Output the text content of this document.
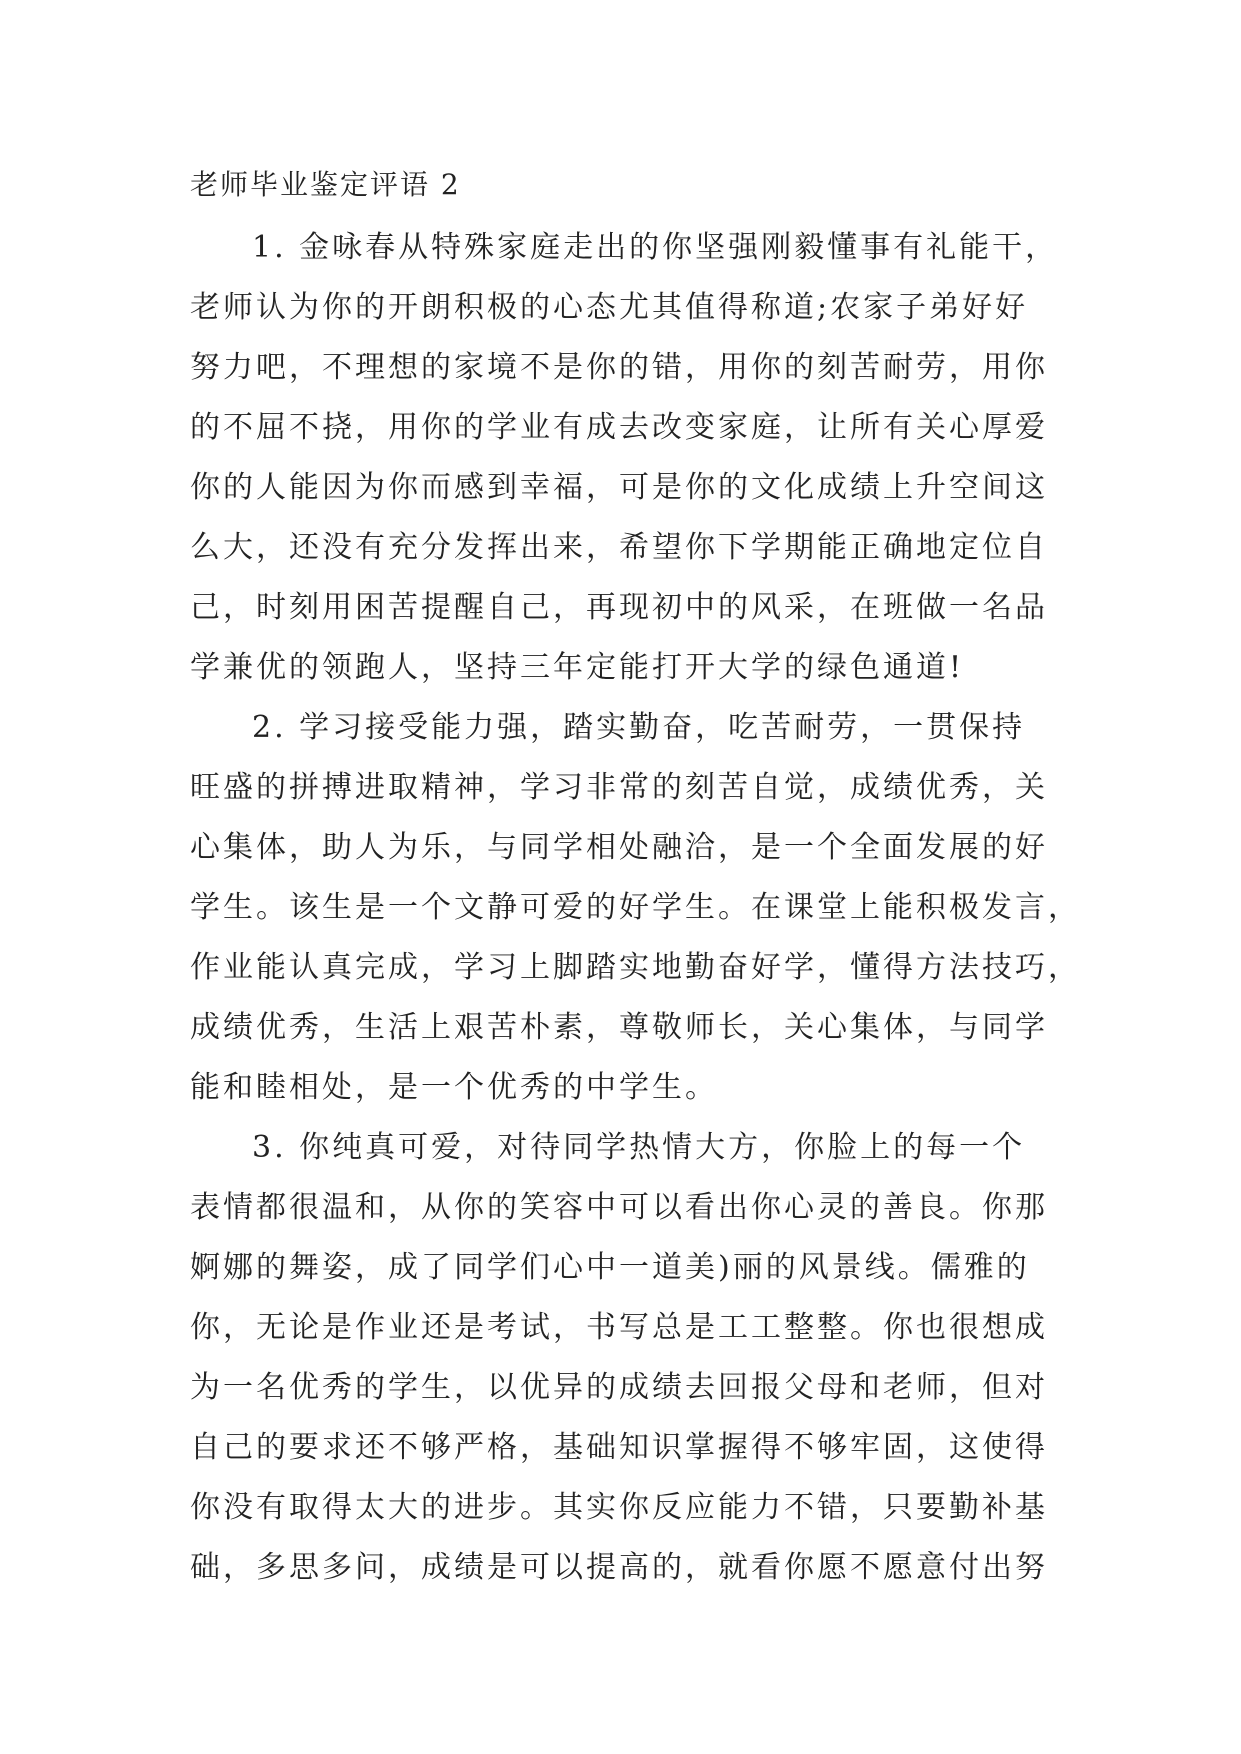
老师毕业鉴定评语 2
1. 金咏春从特殊家庭走出的你坚强刚毅懂事有礼能干，
老师认为你的开朗积极的心态尤其值得称道;农家子弟好好
努力吧，不理想的家境不是你的错，用你的刻苦耐劳，用你
的不屈不挠，用你的学业有成去改变家庭，让所有关心厚爱
你的人能因为你而感到幸福，可是你的文化成绩上升空间这
么大，还没有充分发挥出来，希望你下学期能正确地定位自
己，时刻用困苦提醒自己，再现初中的风采，在班做一名品
学兼优的领跑人，坚持三年定能打开大学的绿色通道!
2. 学习接受能力强，踏实勤奋，吃苦耐劳，一贯保持
旺盛的拼搏进取精神，学习非常的刻苦自觉，成绩优秀，关
心集体，助人为乐，与同学相处融洽，是一个全面发展的好
学生。该生是一个文静可爱的好学生。在课堂上能积极发言，
作业能认真完成，学习上脚踏实地勤奋好学，懂得方法技巧，
成绩优秀，生活上艰苦朴素，尊敬师长，关心集体，与同学
能和睦相处，是一个优秀的中学生。
3. 你纯真可爱，对待同学热情大方，你脸上的每一个
表情都很温和，从你的笑容中可以看出你心灵的善良。你那
婀娜的舞姿，成了同学们心中一道美)丽的风景线。儒雅的
你，无论是作业还是考试，书写总是工工整整。你也很想成
为一名优秀的学生，以优异的成绩去回报父母和老师，但对
自己的要求还不够严格，基础知识掌握得不够牢固，这使得
你没有取得太大的进步。其实你反应能力不错，只要勤补基
础，多思多问，成绩是可以提高的，就看你愿不愿意付出努
